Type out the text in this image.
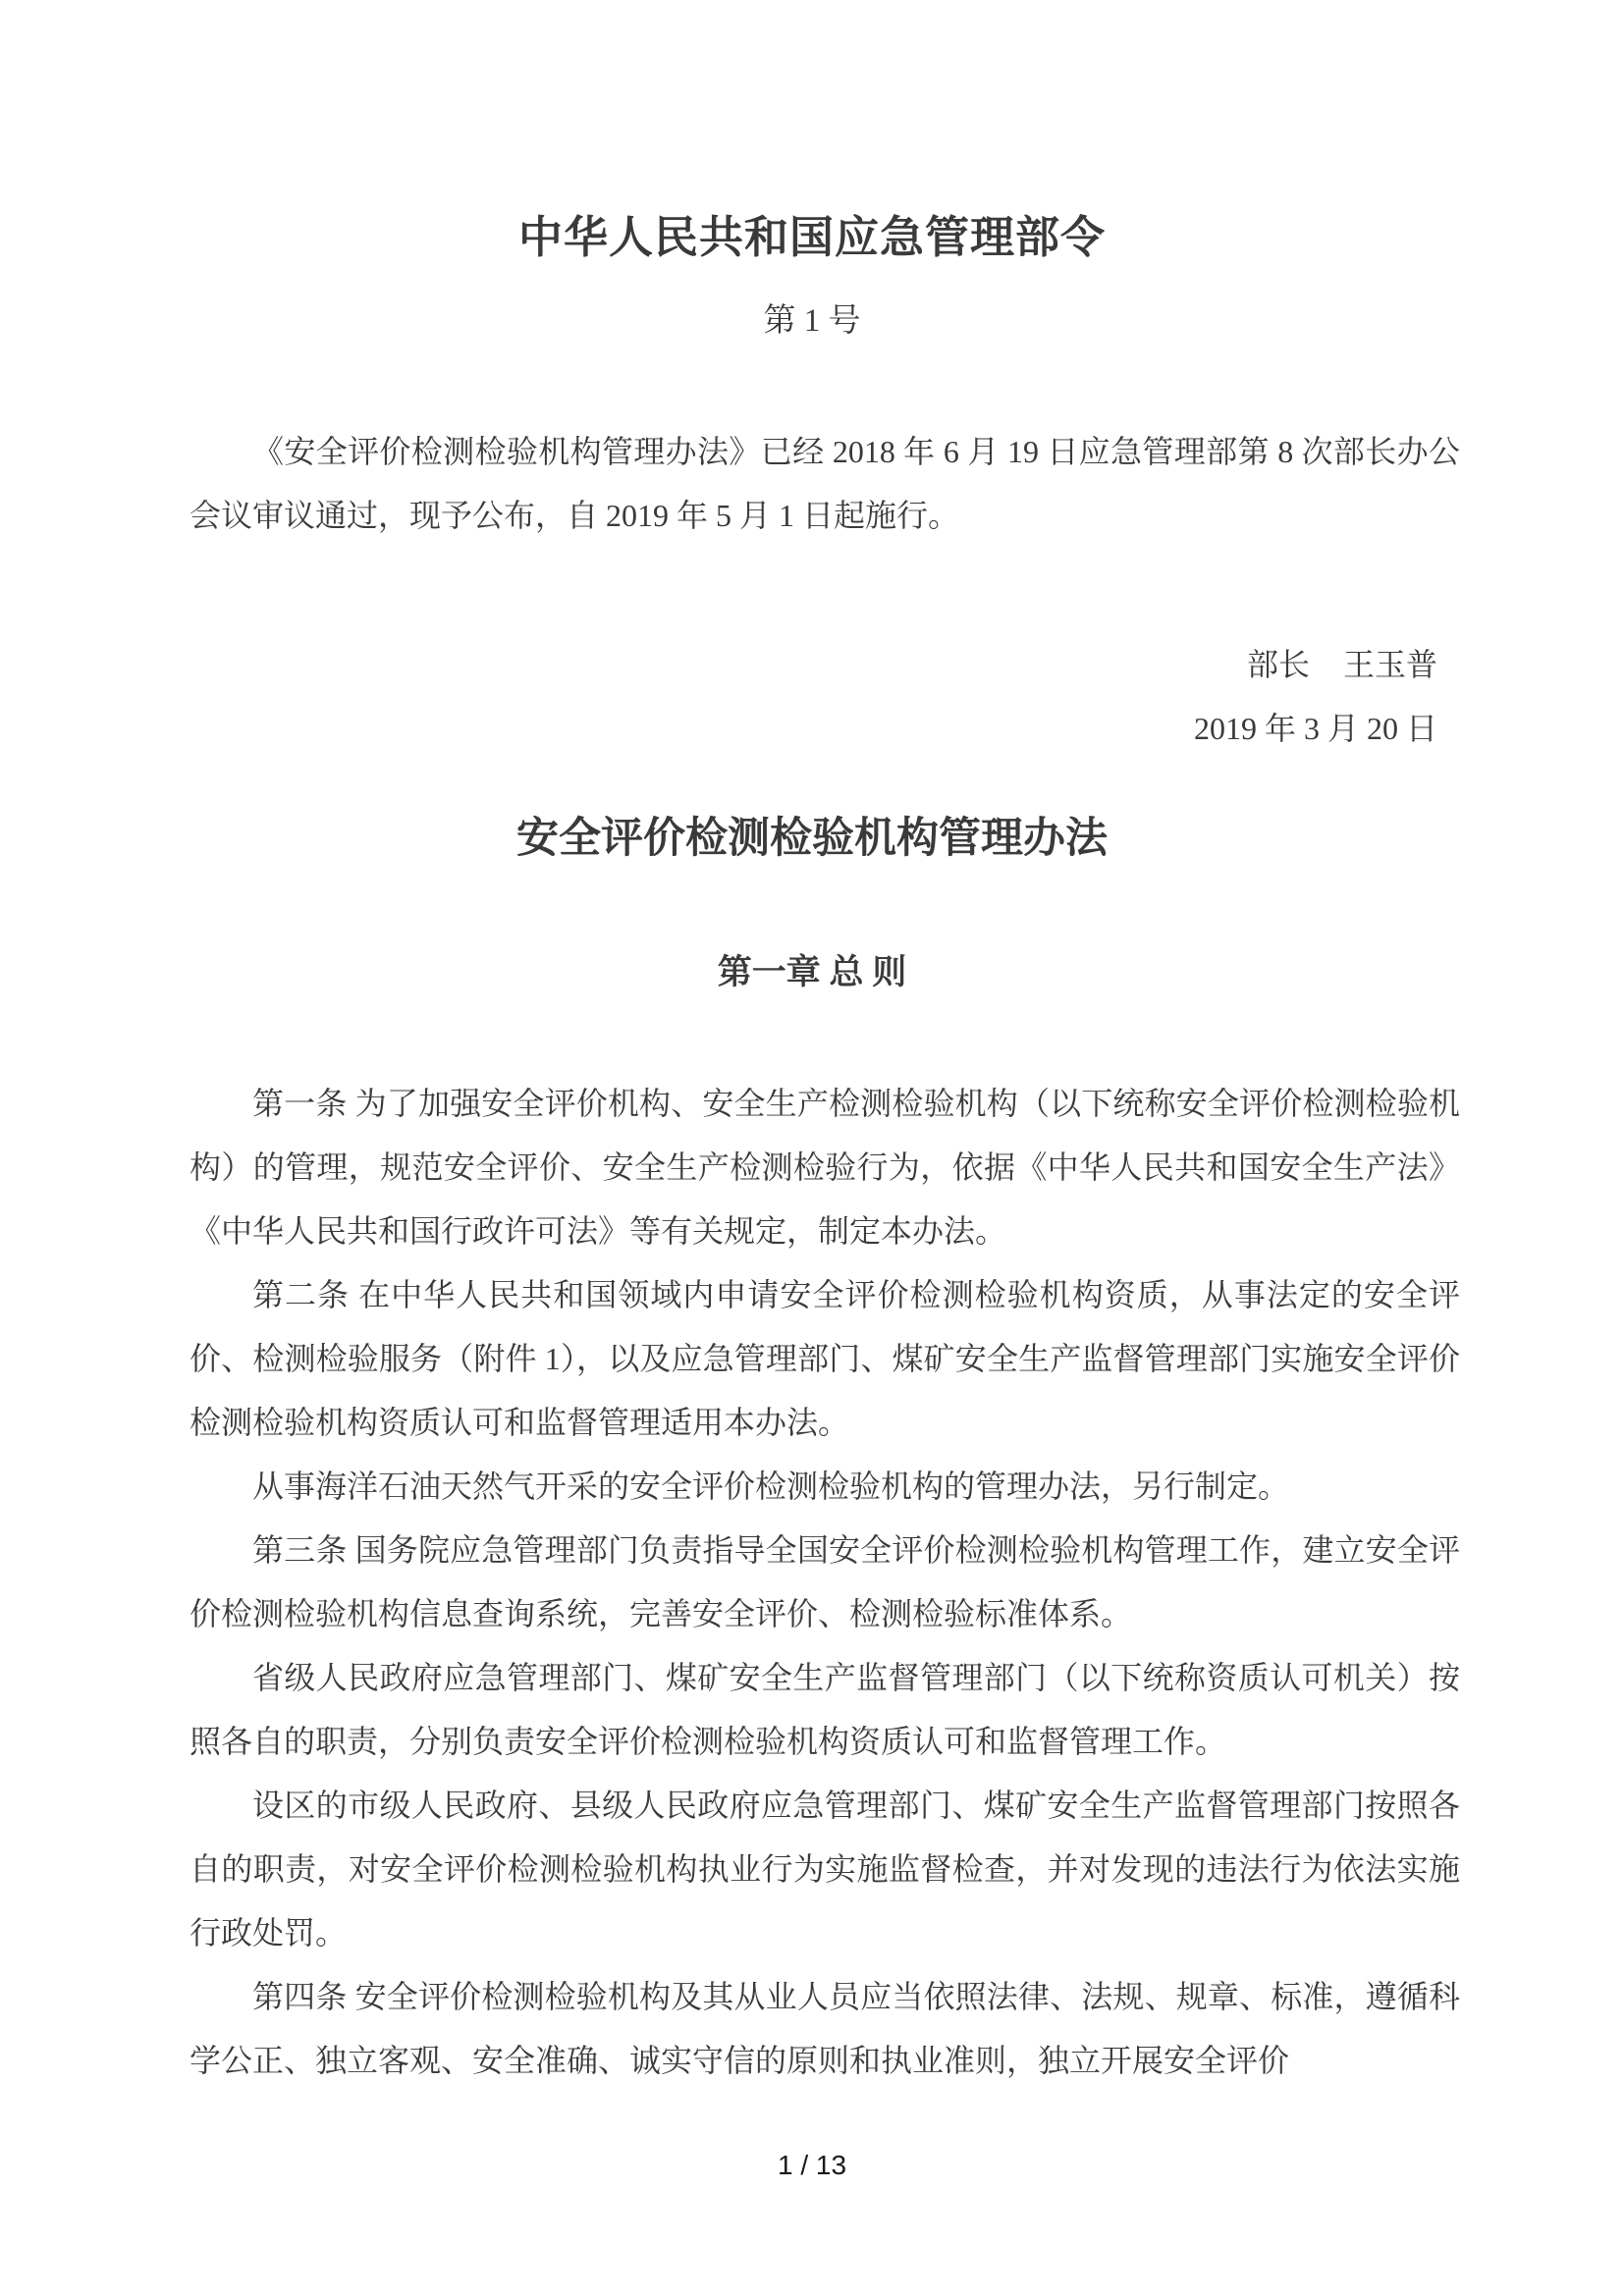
中华人民共和国应急管理部令
第 1 号
《安全评价检测检验机构管理办法》已经 2018 年 6 月 19 日应急管理部第 8 次部长办公会议审议通过，现予公布，自 2019 年 5 月 1 日起施行。
部长 王玉普
2019 年 3 月 20 日
安全评价检测检验机构管理办法
第一章 总 则

第一条 为了加强安全评价机构、安全生产检测检验机构（以下统称安全评价检测检验机构）的管理，规范安全评价、安全生产检测检验行为，依据《中华人民共和国安全生产法》《中华人民共和国行政许可法》等有关规定，制定本办法。

第二条 在中华人民共和国领域内申请安全评价检测检验机构资质，从事法定的安全评价、检测检验服务（附件 1），以及应急管理部门、煤矿安全生产监督管理部门实施安全评价检测检验机构资质认可和监督管理适用本办法。

从事海洋石油天然气开采的安全评价检测检验机构的管理办法，另行制定。

第三条 国务院应急管理部门负责指导全国安全评价检测检验机构管理工作，建立安全评价检测检验机构信息查询系统，完善安全评价、检测检验标准体系。

省级人民政府应急管理部门、煤矿安全生产监督管理部门（以下统称资质认可机关）按照各自的职责，分别负责安全评价检测检验机构资质认可和监督管理工作。

设区的市级人民政府、县级人民政府应急管理部门、煤矿安全生产监督管理部门按照各自的职责，对安全评价检测检验机构执业行为实施监督检查，并对发现的违法行为依法实施行政处罚。

第四条 安全评价检测检验机构及其从业人员应当依照法律、法规、规章、标准，遵循科学公正、独立客观、安全准确、诚实守信的原则和执业准则，独立开展安全评价

1 / 13
